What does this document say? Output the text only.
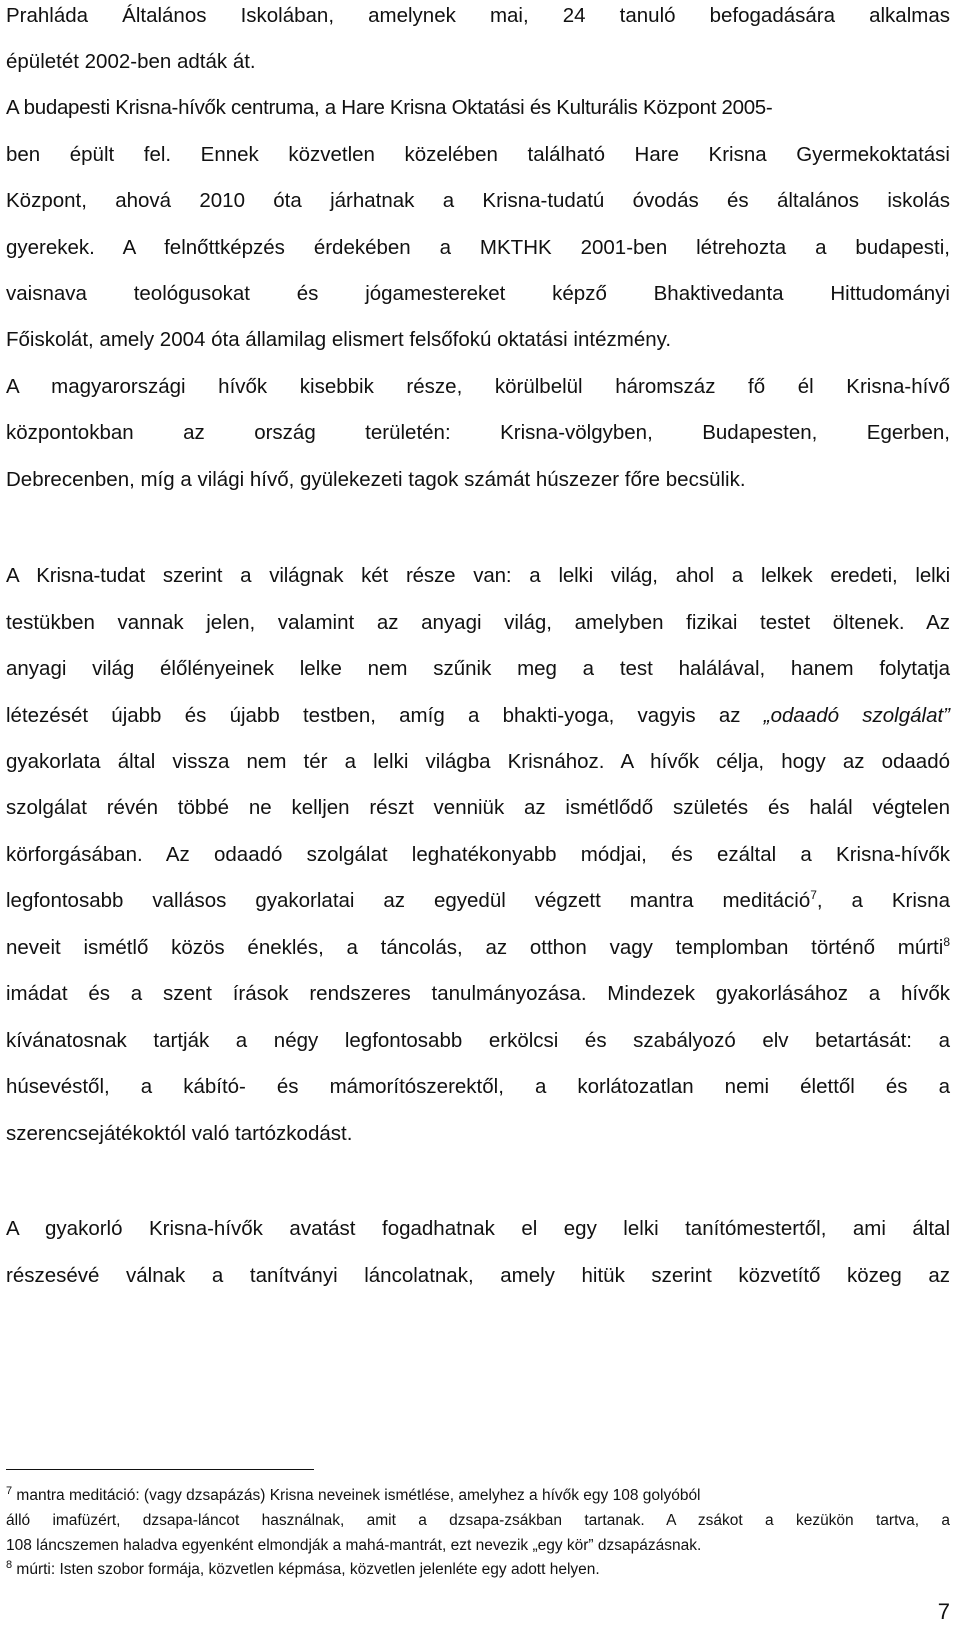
Prahláda Általános Iskolában, amelynek mai, 24 tanuló befogadására alkalmas
épületét 2002-ben adták át.
A budapesti Krisna-hívők centruma, a Hare Krisna Oktatási és Kulturális Központ 2005-
ben épült fel. Ennek közvetlen közelében található Hare Krisna Gyermekoktatási
Központ, ahová 2010 óta járhatnak a Krisna-tudatú óvodás és általános iskolás
gyerekek. A felnőttképzés érdekében a MKTHK 2001-ben létrehozta a budapesti,
vaisnava teológusokat és jógamestereket képző Bhaktivedanta Hittudományi
Főiskolát, amely 2004 óta államilag elismert felsőfokú oktatási intézmény.
A magyarországi hívők kisebbik része, körülbelül háromszáz fő él Krisna-hívő
központokban az ország területén: Krisna-völgyben, Budapesten, Egerben,
Debrecenben, míg a világi hívő, gyülekezeti tagok számát húszezer főre becsülik.
A Krisna-tudat szerint a világnak két része van: a lelki világ, ahol a lelkek eredeti, lelki
testükben vannak jelen, valamint az anyagi világ, amelyben fizikai testet öltenek. Az
anyagi világ élőlényeinek lelke nem szűnik meg a test halálával, hanem folytatja
létezését újabb és újabb testben, amíg a bhakti-yoga, vagyis az „odaadó szolgálat”
gyakorlata által vissza nem tér a lelki világba Krisnához. A hívők célja, hogy az odaadó
szolgálat révén többé ne kelljen részt venniük az ismétlődő születés és halál végtelen
körforgásában. Az odaadó szolgálat leghatékonyabb módjai, és ezáltal a Krisna-hívők
legfontosabb vallásos gyakorlatai az egyedül végzett mantra meditáció$^7$, a Krisna
neveit ismétlő közös éneklés, a táncolás, az otthon vagy templomban történő múrti$^8$
imádat és a szent írások rendszeres tanulmányozása. Mindezek gyakorlásához a hívők
kívánatosnak tartják a négy legfontosabb erkölcsi és szabályozó elv betartását: a
húsevéstől, a kábító- és mámorítószerektől, a korlátozatlan nemi élettől és a
szerencsejátékoktól való tartózkodást.
A gyakorló Krisna-hívők avatást fogadhatnak el egy lelki tanítómestertől, ami által
részesévé válnak a tanítványi láncolatnak, amely hitük szerint közvetítő közeg az
$^7$ mantra meditáció: (vagy dzsapázás) Krisna neveinek ismétlése, amelyhez a hívők egy 108 golyóból
álló imafüzért, dzsapa-láncot használnak, amit a dzsapa-zsákban tartanak. A zsákot a kezükön tartva, a
108 láncszemen haladva egyenként elmondják a mahá-mantrát, ezt nevezik „egy kör” dzsapázásnak.
$^8$ múrti: Isten szobor formája, közvetlen képmása, közvetlen jelenléte egy adott helyen.
7
